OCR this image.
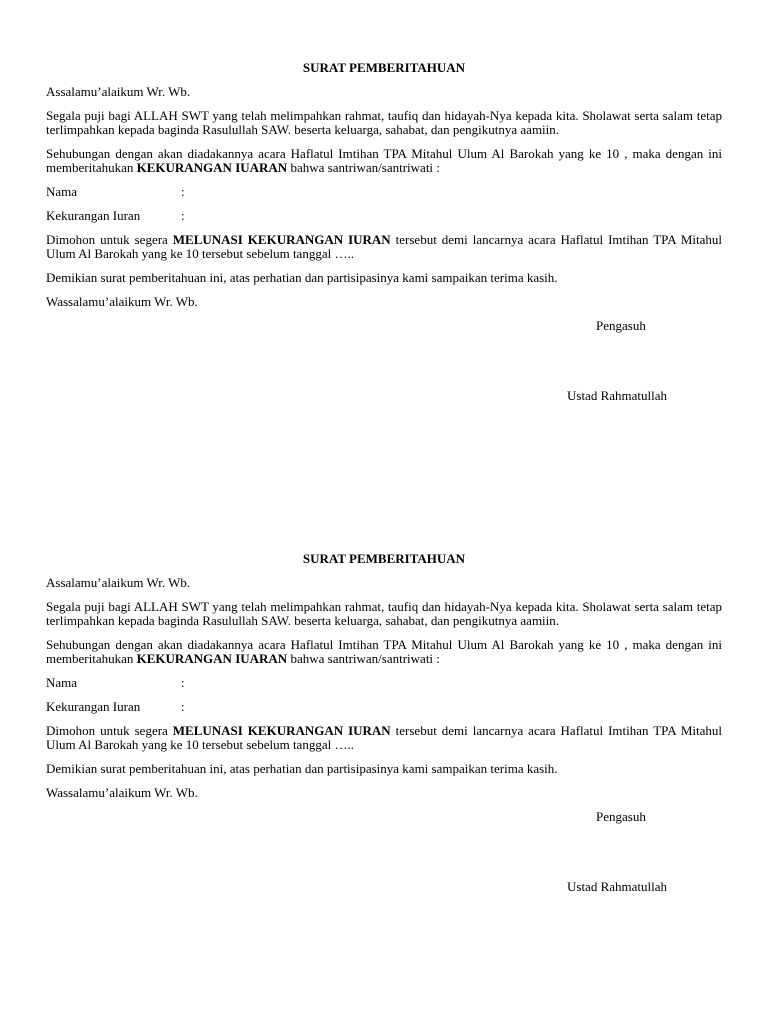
SURAT PEMBERITAHUAN

Assalamu’alaikum Wr. Wb.

Segala puji bagi ALLAH SWT yang telah melimpahkan rahmat, taufiq dan hidayah-Nya kepada kita. Sholawat serta salam tetap terlimpahkan kepada baginda Rasulullah SAW. beserta keluarga, sahabat, dan pengikutnya aamiin.

Sehubungan dengan akan diadakannya acara Haflatul Imtihan TPA Mitahul Ulum Al Barokah yang ke 10 , maka dengan ini memberitahukan KEKURANGAN IUARAN bahwa santriwan/santriwati :

Nama	:
Kekurangan Iuran	:

Dimohon untuk segera MELUNASI KEKURANGAN IURAN tersebut demi lancarnya acara Haflatul Imtihan TPA Mitahul Ulum Al Barokah yang ke 10 tersebut sebelum tanggal …..

Demikian surat pemberitahuan ini, atas perhatian dan partisipasinya kami sampaikan terima kasih.

Wassalamu’alaikum Wr. Wb.

Pengasuh

Ustad Rahmatullah

SURAT PEMBERITAHUAN

Assalamu’alaikum Wr. Wb.

Segala puji bagi ALLAH SWT yang telah melimpahkan rahmat, taufiq dan hidayah-Nya kepada kita. Sholawat serta salam tetap terlimpahkan kepada baginda Rasulullah SAW. beserta keluarga, sahabat, dan pengikutnya aamiin.

Sehubungan dengan akan diadakannya acara Haflatul Imtihan TPA Mitahul Ulum Al Barokah yang ke 10 , maka dengan ini memberitahukan KEKURANGAN IUARAN bahwa santriwan/santriwati :

Nama	:
Kekurangan Iuran	:

Dimohon untuk segera MELUNASI KEKURANGAN IURAN tersebut demi lancarnya acara Haflatul Imtihan TPA Mitahul Ulum Al Barokah yang ke 10 tersebut sebelum tanggal …..

Demikian surat pemberitahuan ini, atas perhatian dan partisipasinya kami sampaikan terima kasih.

Wassalamu’alaikum Wr. Wb.

Pengasuh

Ustad Rahmatullah
